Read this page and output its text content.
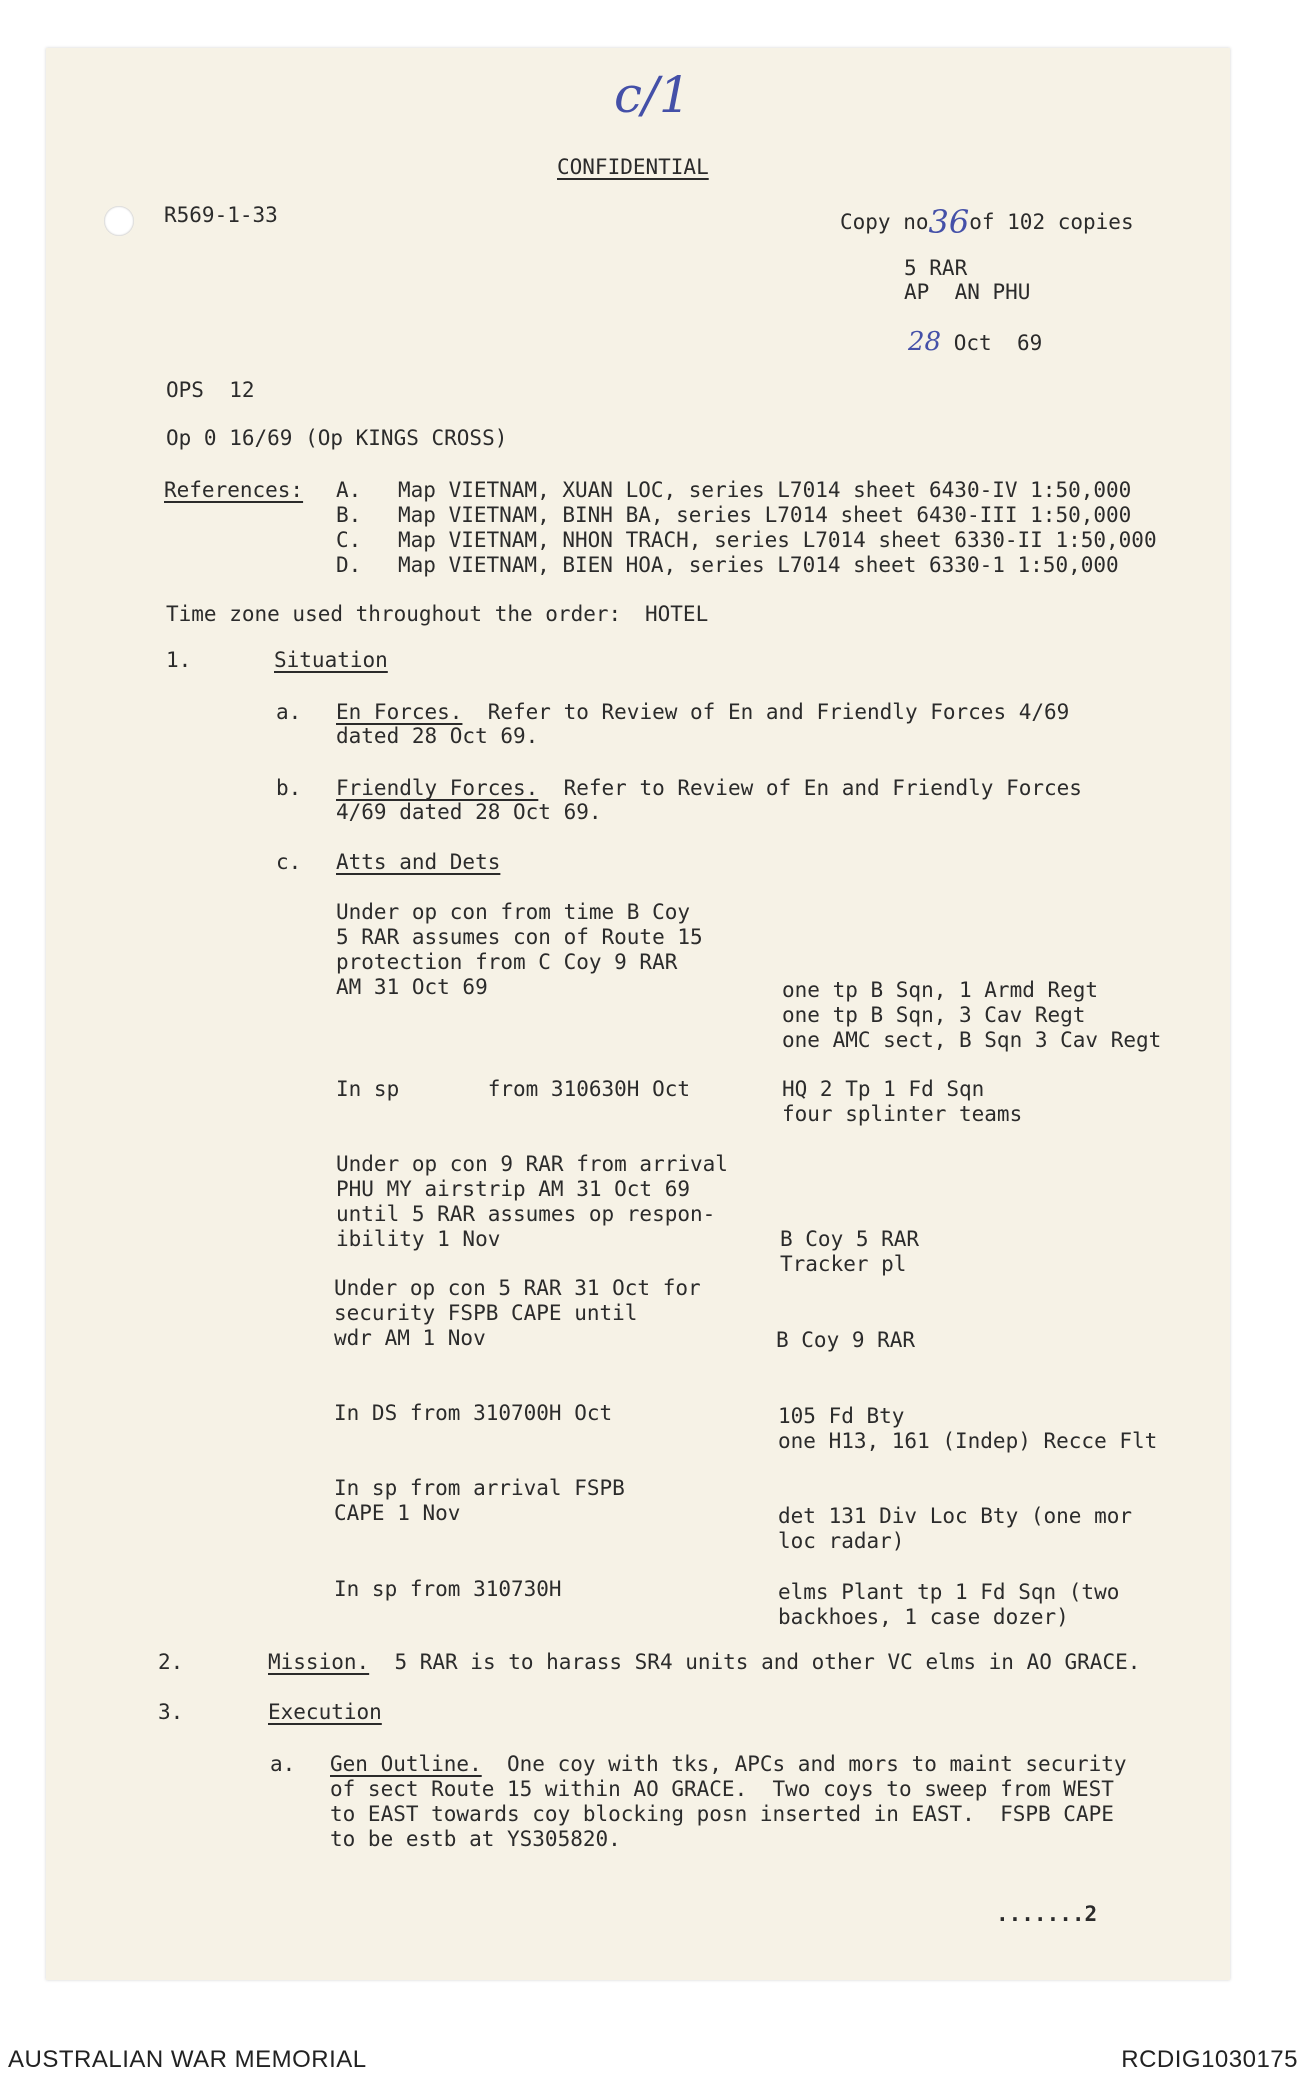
c/1
CONFIDENTIAL
R569-1-33	Copy no36of 102 copies
5 RAR
AP  AN PHU
28 Oct  69
OPS  12
Op 0 16/69 (Op KINGS CROSS)
References: A. Map VIETNAM, XUAN LOC, series L7014 sheet 6430-IV 1:50,000
B. Map VIETNAM, BINH BA, series L7014 sheet 6430-III 1:50,000
C. Map VIETNAM, NHON TRACH, series L7014 sheet 6330-II 1:50,000
D. Map VIETNAM, BIEN HOA, series L7014 sheet 6330-1 1:50,000
Time zone used throughout the order: HOTEL
1.	Situation
a. En Forces.  Refer to Review of En and Friendly Forces 4/69
dated 28 Oct 69.
b. Friendly Forces.  Refer to Review of En and Friendly Forces
4/69 dated 28 Oct 69.
c. Atts and Dets
Under op con from time B Coy
5 RAR assumes con of Route 15
protection from C Coy 9 RAR
AM 31 Oct 69	one tp B Sqn, 1 Armd Regt
one tp B Sqn, 3 Cav Regt
one AMC sect, B Sqn 3 Cav Regt
In sp       from 310630H Oct	HQ 2 Tp 1 Fd Sqn
four splinter teams
Under op con 9 RAR from arrival
PHU MY airstrip AM 31 Oct 69
until 5 RAR assumes op respon-
ibility 1 Nov	B Coy 5 RAR
Tracker pl
Under op con 5 RAR 31 Oct for
security FSPB CAPE until
wdr AM 1 Nov	B Coy 9 RAR
In DS from 310700H Oct	105 Fd Bty
one H13, 161 (Indep) Recce Flt
In sp from arrival FSPB
CAPE 1 Nov	det 131 Div Loc Bty (one mor
loc radar)
In sp from 310730H	elms Plant tp 1 Fd Sqn (two
backhoes, 1 case dozer)
2.	Mission.  5 RAR is to harass SR4 units and other VC elms in AO GRACE.
3.	Execution
a. Gen Outline.  One coy with tks, APCs and mors to maint security
of sect Route 15 within AO GRACE.  Two coys to sweep from WEST
to EAST towards coy blocking posn inserted in EAST.  FSPB CAPE
to be estb at YS305820.
.......2
AUSTRALIAN WAR MEMORIAL	RCDIG1030175
